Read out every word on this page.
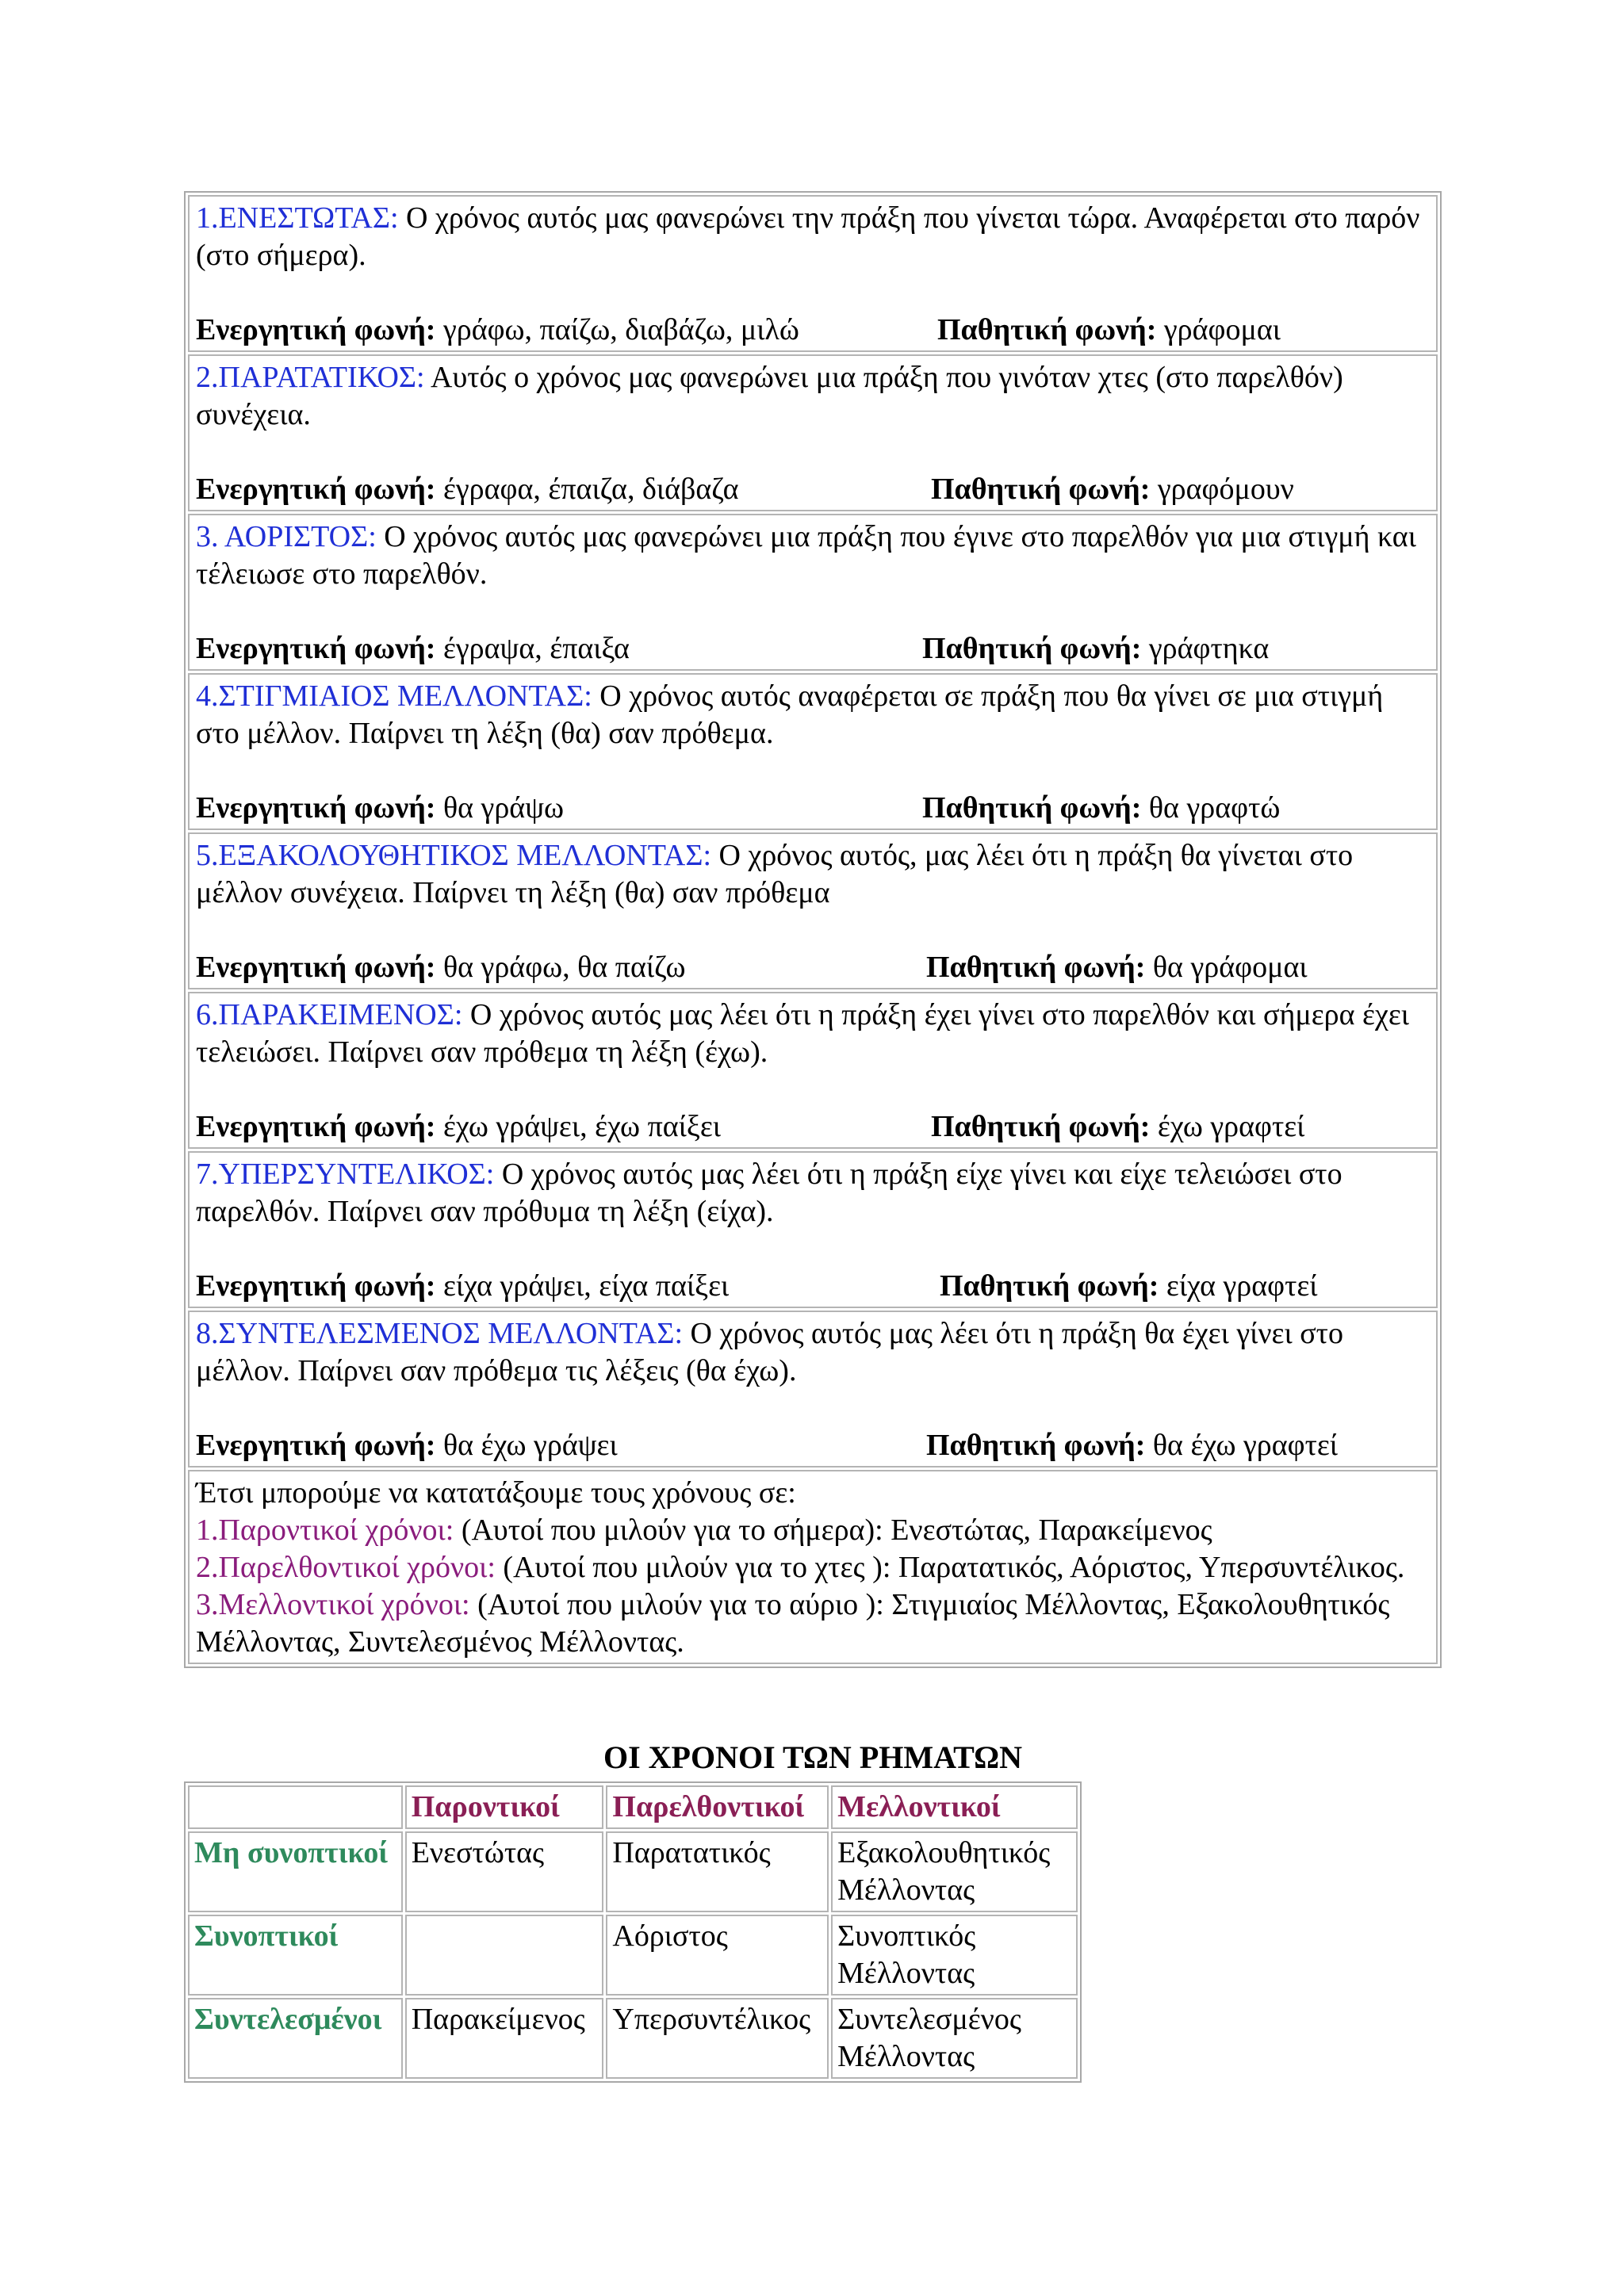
1.ΕΝΕΣΤΩΤΑΣ: Ο χρόνος αυτός μας φανερώνει την πράξη που γίνεται τώρα. Αναφέρεται στο παρόν (στο σήμερα).
Ενεργητική φωνή: γράφω, παίζω, διαβάζω, μιλώ	Παθητική φωνή: γράφομαι

2.ΠΑΡΑΤΑΤΙΚΟΣ: Αυτός ο χρόνος μας φανερώνει μια πράξη που γινόταν χτες (στο παρελθόν) συνέχεια.
Ενεργητική φωνή: έγραφα, έπαιζα, διάβαζα	Παθητική φωνή: γραφόμουν

3. ΑΟΡΙΣΤΟΣ: Ο χρόνος αυτός μας φανερώνει μια πράξη που έγινε στο παρελθόν για μια στιγμή και τέλειωσε στο παρελθόν.
Ενεργητική φωνή: έγραψα, έπαιξα	Παθητική φωνή: γράφτηκα

4.ΣΤΙΓΜΙΑΙΟΣ ΜΕΛΛΟΝΤΑΣ: Ο χρόνος αυτός αναφέρεται σε πράξη που θα γίνει σε μια στιγμή στο μέλλον. Παίρνει τη λέξη (θα) σαν πρόθεμα.
Ενεργητική φωνή: θα γράψω	Παθητική φωνή: θα γραφτώ

5.ΕΞΑΚΟΛΟΥΘΗΤΙΚΟΣ ΜΕΛΛΟΝΤΑΣ: Ο χρόνος αυτός, μας λέει ότι η πράξη θα γίνεται στο μέλλον συνέχεια. Παίρνει τη λέξη (θα) σαν πρόθεμα
Ενεργητική φωνή: θα γράφω, θα παίζω	Παθητική φωνή: θα γράφομαι

6.ΠΑΡΑΚΕΙΜΕΝΟΣ: Ο χρόνος αυτός μας λέει ότι η πράξη έχει γίνει στο παρελθόν και σήμερα έχει τελειώσει. Παίρνει σαν πρόθεμα τη λέξη (έχω).
Ενεργητική φωνή: έχω γράψει, έχω παίξει	Παθητική φωνή: έχω γραφτεί

7.ΥΠΕΡΣΥΝΤΕΛΙΚΟΣ: Ο χρόνος αυτός μας λέει ότι η πράξη είχε γίνει και είχε τελειώσει στο παρελθόν. Παίρνει σαν πρόθυμα τη λέξη (είχα).
Ενεργητική φωνή: είχα γράψει, είχα παίξει	Παθητική φωνή: είχα γραφτεί

8.ΣΥΝΤΕΛΕΣΜΕΝΟΣ ΜΕΛΛΟΝΤΑΣ: Ο χρόνος αυτός μας λέει ότι η πράξη θα έχει γίνει στο μέλλον. Παίρνει σαν πρόθεμα τις λέξεις (θα έχω).
Ενεργητική φωνή: θα έχω γράψει	Παθητική φωνή: θα έχω γραφτεί

Έτσι μπορούμε να κατατάξουμε τους χρόνους σε:
1.Παροντικοί χρόνοι: (Αυτοί που μιλούν για το σήμερα): Ενεστώτας, Παρακείμενος
2.Παρελθοντικοί χρόνοι: (Αυτοί που μιλούν για το χτες ): Παρατατικός, Αόριστος, Υπερσυντέλικος.
3.Μελλοντικοί χρόνοι: (Αυτοί που μιλούν για το αύριο ): Στιγμιαίος Μέλλοντας, Εξακολουθητικός Μέλλοντας, Συντελεσμένος Μέλλοντας.
ΟΙ ΧΡΟΝΟΙ ΤΩΝ ΡΗΜΑΤΩΝ
	Παροντικοί	Παρελθοντικοί	Μελλοντικοί
Μη συνοπτικοί	Ενεστώτας	Παρατατικός	Εξακολουθητικός Μέλλοντας
Συνοπτικοί		Αόριστος	Συνοπτικός Μέλλοντας
Συντελεσμένοι	Παρακείμενος	Υπερσυντέλικος	Συντελεσμένος Μέλλοντας
